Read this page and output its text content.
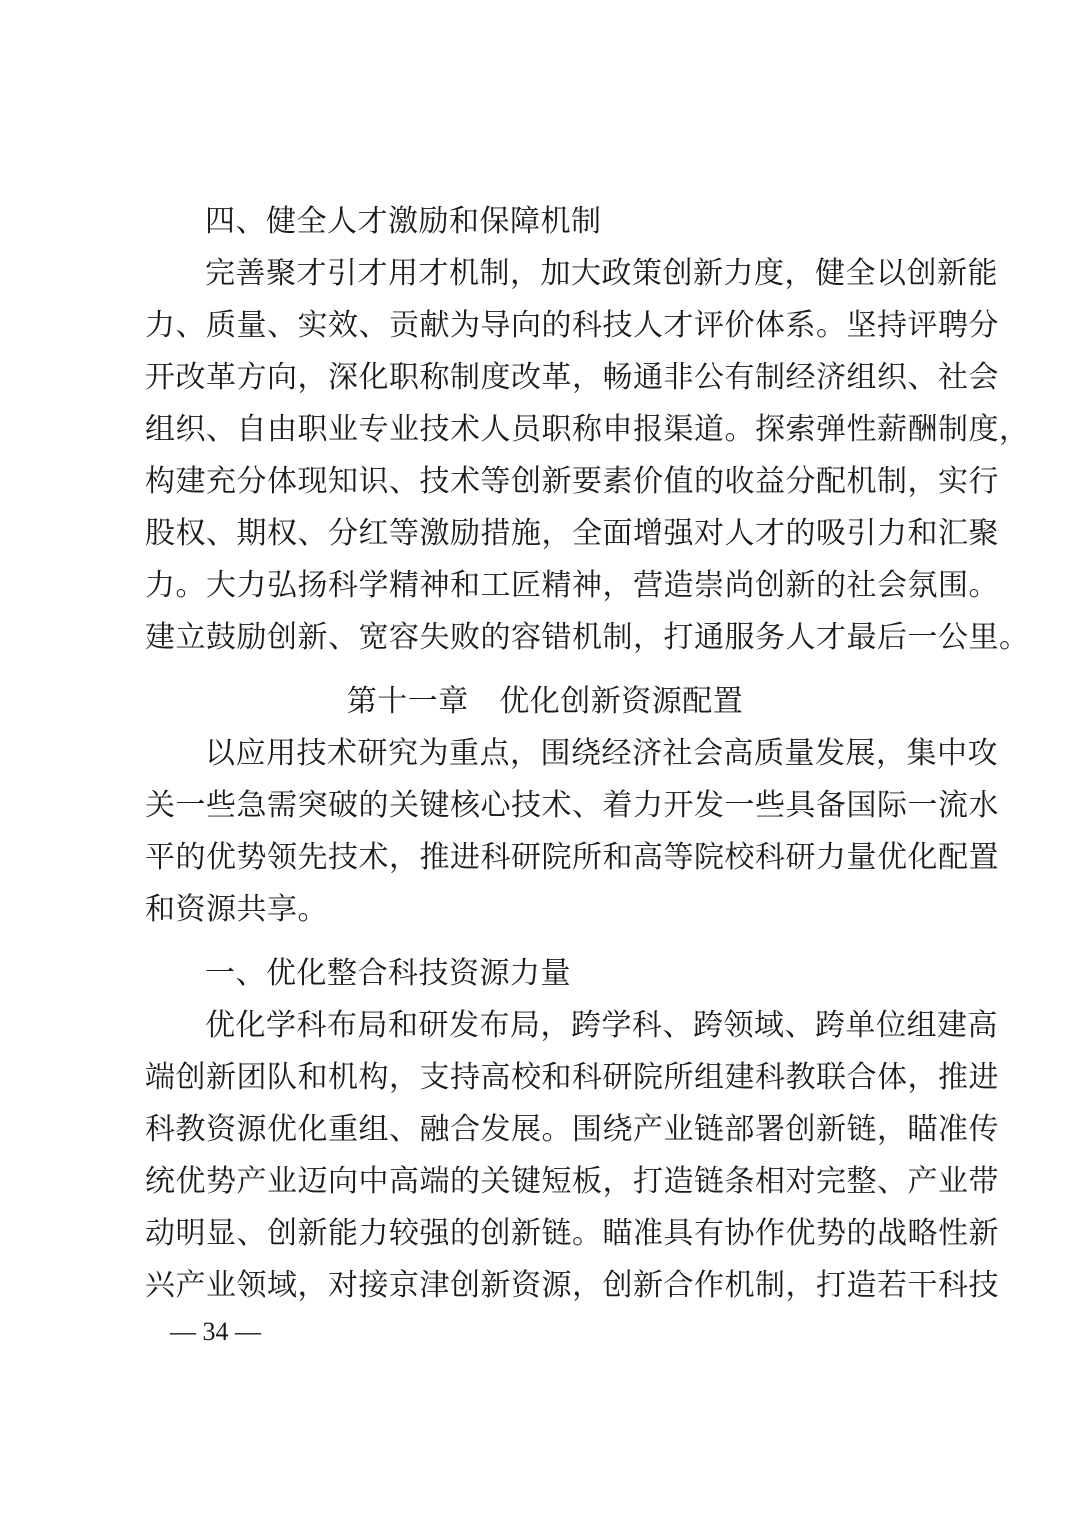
四、健全人才激励和保障机制
完善聚才引才用才机制，加大政策创新力度，健全以创新能
力、质量、实效、贡献为导向的科技人才评价体系。坚持评聘分
开改革方向，深化职称制度改革，畅通非公有制经济组织、社会
组织、自由职业专业技术人员职称申报渠道。探索弹性薪酬制度，
构建充分体现知识、技术等创新要素价值的收益分配机制，实行
股权、期权、分红等激励措施，全面增强对人才的吸引力和汇聚
力。大力弘扬科学精神和工匠精神，营造崇尚创新的社会氛围。
建立鼓励创新、宽容失败的容错机制，打通服务人才最后一公里。
第十一章　优化创新资源配置
以应用技术研究为重点，围绕经济社会高质量发展，集中攻
关一些急需突破的关键核心技术、着力开发一些具备国际一流水
平的优势领先技术，推进科研院所和高等院校科研力量优化配置
和资源共享。
一、优化整合科技资源力量
优化学科布局和研发布局，跨学科、跨领域、跨单位组建高
端创新团队和机构，支持高校和科研院所组建科教联合体，推进
科教资源优化重组、融合发展。围绕产业链部署创新链，瞄准传
统优势产业迈向中高端的关键短板，打造链条相对完整、产业带
动明显、创新能力较强的创新链。瞄准具有协作优势的战略性新
兴产业领域，对接京津创新资源，创新合作机制，打造若干科技
— 34 —
